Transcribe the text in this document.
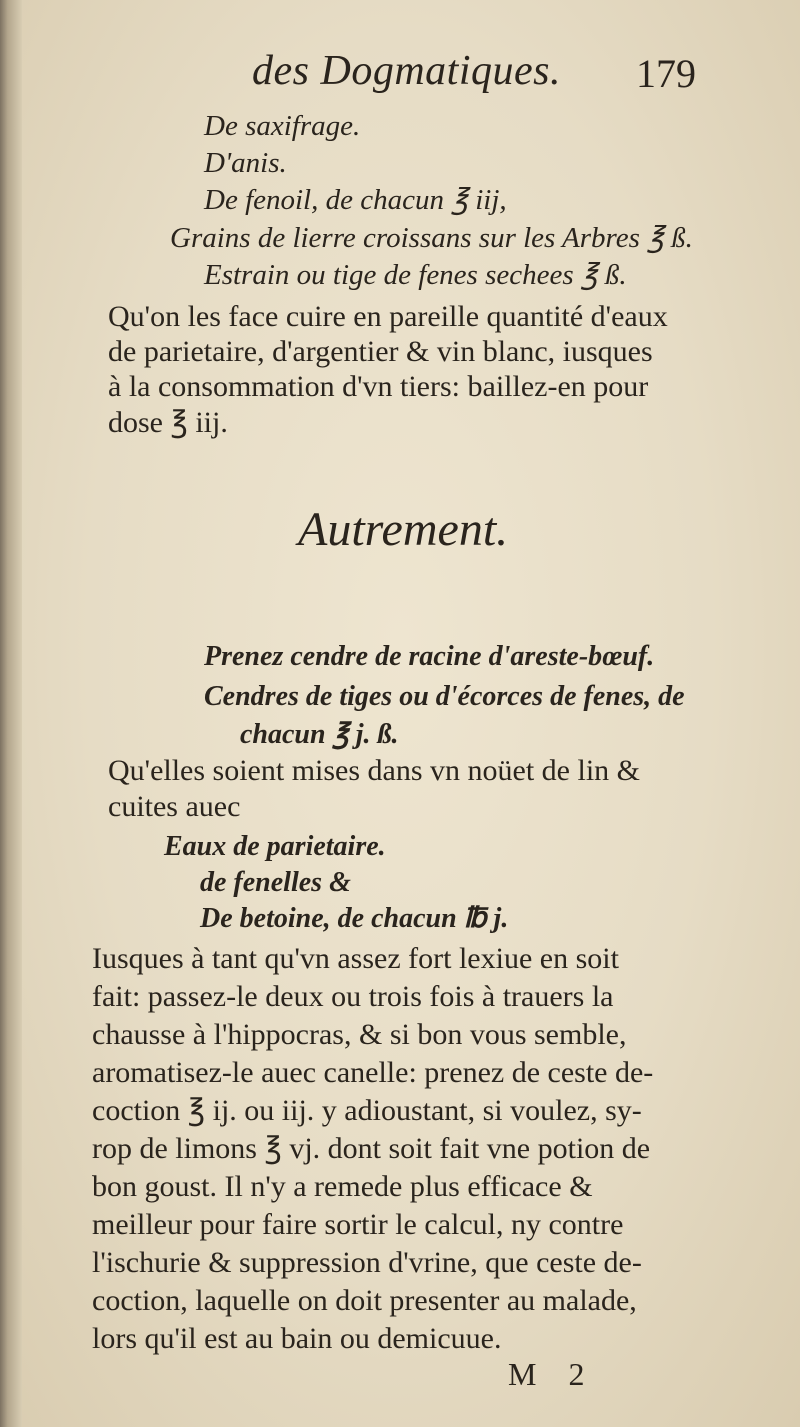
des Dogmatiques. 179
De saxifrage.
D'anis.
De fenoil, de chacun ℥ iij,
Grains de lierre croissans sur les Arbres ℥ ß.
Estrain ou tige de fenes sechees ℥ ß.
Qu'on les face cuire en pareille quantité d'eaux
de parietaire, d'argentier & vin blanc, iusques
à la consommation d'vn tiers: baillez-en pour
dose ℥ iij.
Autrement.
Prenez cendre de racine d'areste-bœuf.
Cendres de tiges ou d'écorces de fenes, de
chacun ℥ j. ß.
Qu'elles soient mises dans vn noüet de lin &
cuites auec
Eaux de parietaire.
de fenelles &
De betoine, de chacun ℔ j.
Iusques à tant qu'vn assez fort lexiue en soit
fait: passez-le deux ou trois fois à trauers la
chausse à l'hippocras, & si bon vous semble,
aromatisez-le auec canelle: prenez de ceste de-
coction ℥ ij. ou iij. y adioustant, si voulez, sy-
rop de limons ℥ vj. dont soit fait vne potion de
bon goust. Il n'y a remede plus efficace &
meilleur pour faire sortir le calcul, ny contre
l'ischurie & suppression d'vrine, que ceste de-
coction, laquelle on doit presenter au malade,
lors qu'il est au bain ou demicuue.
M 2
